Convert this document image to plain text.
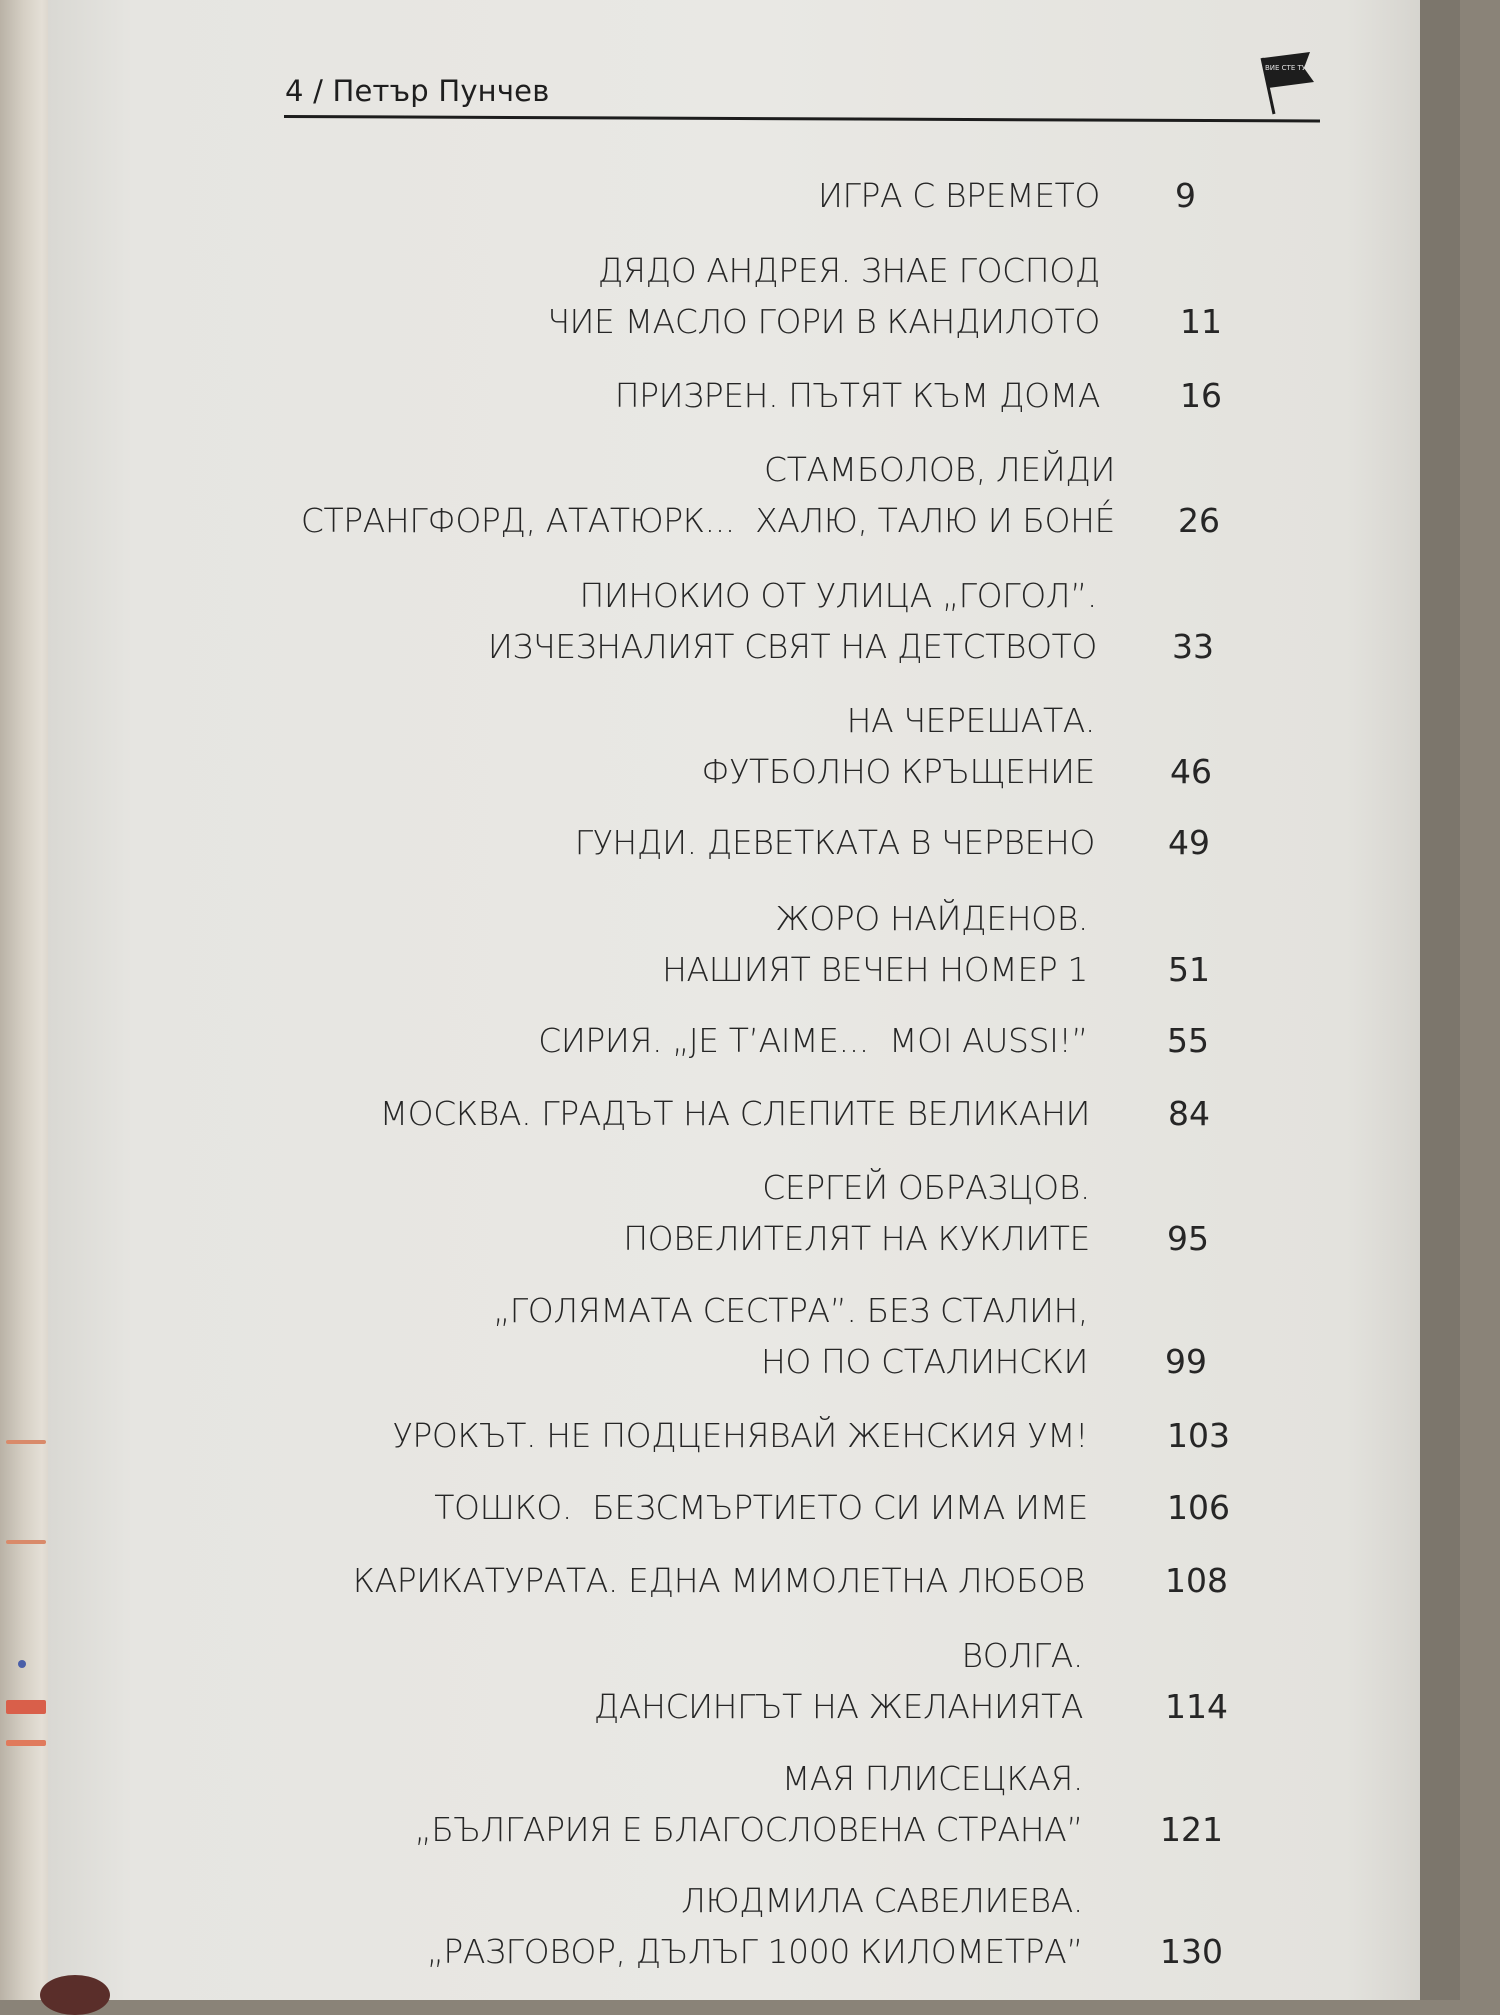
4 / Петър Пунчев
ВИЕ СТЕ ТУК
ИГРА С ВРЕМЕТО 9
ДЯДО АНДРЕЯ. ЗНАЕ ГОСПОД
ЧИЕ МАСЛО ГОРИ В КАНДИЛОТО 11
ПРИЗРЕН. ПЪТЯТ КЪМ ДОМА 16
СТАМБОЛОВ, ЛЕЙДИ
СТРАНГФОРД, АТАТЮРК...  ХАЛЮ, ТАЛЮ И БОНЕ́ 26
ПИНОКИО ОТ УЛИЦА „ГОГОЛ”.
ИЗЧЕЗНАЛИЯТ СВЯТ НА ДЕТСТВОТО 33
НА ЧЕРЕШАТА.
ФУТБОЛНО КРЪЩЕНИЕ 46
ГУНДИ. ДЕВЕТКАТА В ЧЕРВЕНО 49
ЖОРО НАЙДЕНОВ.
НАШИЯТ ВЕЧЕН НОМЕР 1 51
СИРИЯ. „JE T’AIME...  MOI AUSSI!” 55
МОСКВА. ГРАДЪТ НА СЛЕПИТЕ ВЕЛИКАНИ 84
СЕРГЕЙ ОБРАЗЦОВ.
ПОВЕЛИТЕЛЯТ НА КУКЛИТЕ 95
„ГОЛЯМАТА СЕСТРА”. БЕЗ СТАЛИН,
НО ПО СТАЛИНСКИ 99
УРОКЪТ. НЕ ПОДЦЕНЯВАЙ ЖЕНСКИЯ УМ! 103
ТОШКО.  БЕЗСМЪРТИЕТО СИ ИМА ИМЕ 106
КАРИКАТУРАТА. ЕДНА МИМОЛЕТНА ЛЮБОВ 108
ВОЛГА.
ДАНСИНГЪТ НА ЖЕЛАНИЯТА 114
МАЯ ПЛИСЕЦКАЯ.
„БЪЛГАРИЯ Е БЛАГОСЛОВЕНА СТРАНА” 121
ЛЮДМИЛА САВЕЛИЕВА.
„РАЗГОВОР, ДЪЛЪГ 1000 КИЛОМЕТРА” 130
